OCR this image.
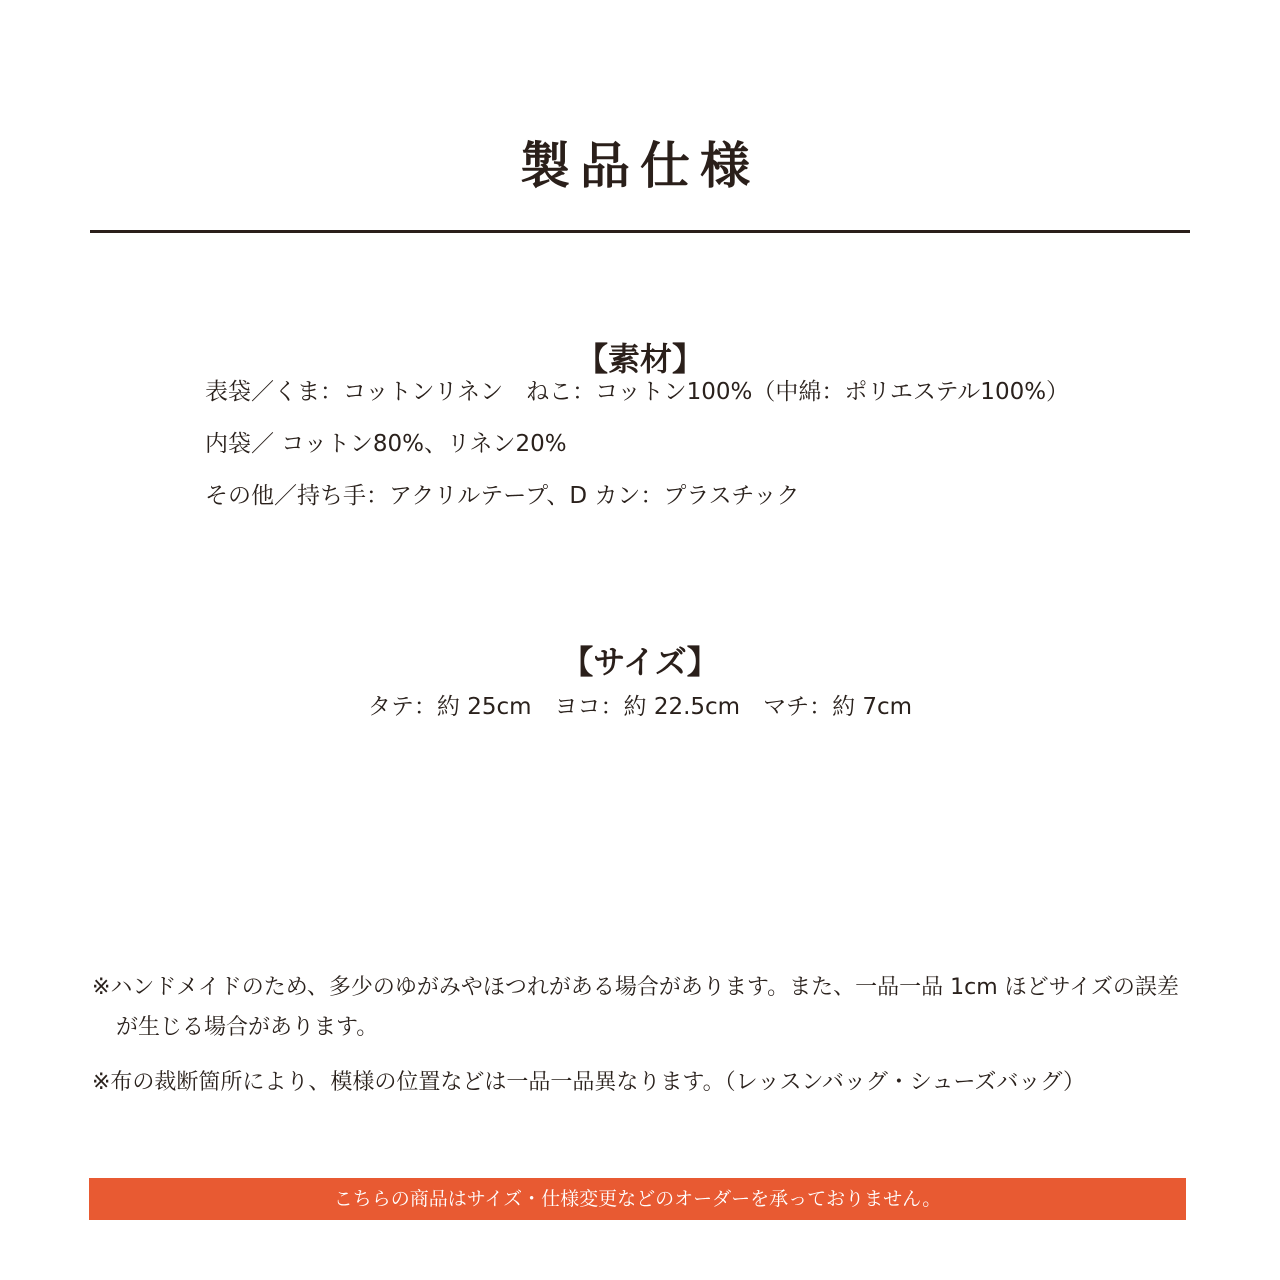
製品仕様
【素材】
表袋／くま：コットンリネン　ねこ：コットン100%（中綿：ポリエステル100%）
内袋／ コットン80%、リネン20%
その他／持ち手：アクリルテープ、D カン：プラスチック
【サイズ】

タテ：約 25cm　ヨコ：約 22.5cm　マチ：約 7cm

※ハンドメイドのため、多少のゆがみやほつれがある場合があります。また、一品一品 1cm ほどサイズの誤差が生じる場合があります。

※布の裁断箇所により、模様の位置などは一品一品異なります。（レッスンバッグ・シューズバッグ）

こちらの商品はサイズ・仕様変更などのオーダーを承っておりません。
